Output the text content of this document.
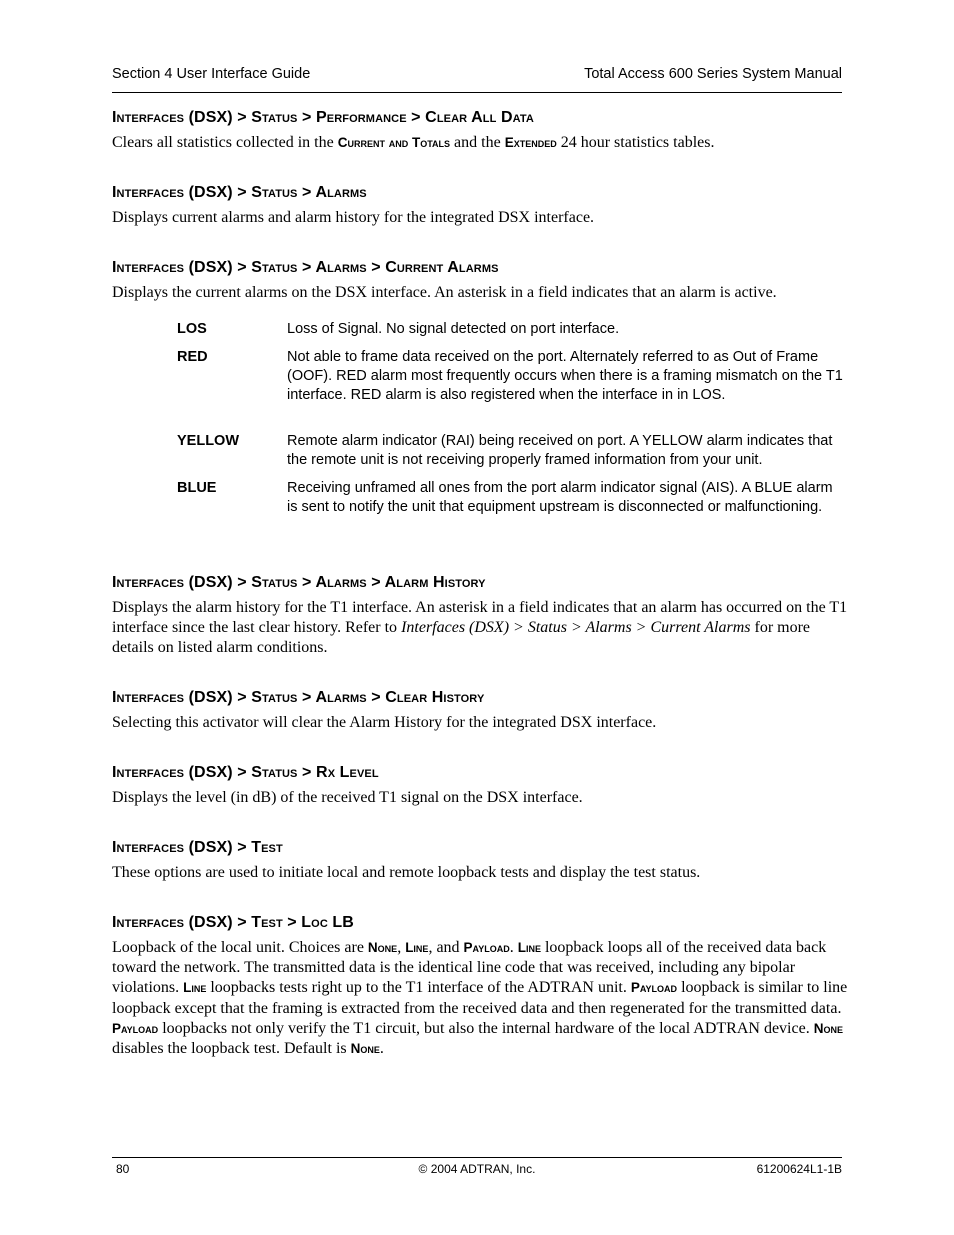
Section 4 User Interface Guide	Total Access 600 Series System Manual
Interfaces (DSX) > Status > Performance > Clear All Data

Clears all statistics collected in the Current and Totals and the Extended 24 hour statistics tables.

Interfaces (DSX) > Status > Alarms

Displays current alarms and alarm history for the integrated DSX interface.

Interfaces (DSX) > Status > Alarms > Current Alarms

Displays the current alarms on the DSX interface. An asterisk in a field indicates that an alarm is active.

LOS	Loss of Signal. No signal detected on port interface.
RED	Not able to frame data received on the port. Alternately referred to as Out of Frame (OOF). RED alarm most frequently occurs when there is a framing mismatch on the T1 interface. RED alarm is also registered when the interface in in LOS.
YELLOW	Remote alarm indicator (RAI) being received on port. A YELLOW alarm indicates that the remote unit is not receiving properly framed information from your unit.
BLUE	Receiving unframed all ones from the port alarm indicator signal (AIS). A BLUE alarm is sent to notify the unit that equipment upstream is disconnected or malfunctioning.
Interfaces (DSX) > Status > Alarms > Alarm History

Displays the alarm history for the T1 interface. An asterisk in a field indicates that an alarm has occurred on the T1 interface since the last clear history. Refer to Interfaces (DSX) > Status > Alarms > Current Alarms for more details on listed alarm conditions.

Interfaces (DSX) > Status > Alarms > Clear History

Selecting this activator will clear the Alarm History for the integrated DSX interface.

Interfaces (DSX) > Status > Rx Level

Displays the level (in dB) of the received T1 signal on the DSX interface.

Interfaces (DSX) > Test

These options are used to initiate local and remote loopback tests and display the test status.

Interfaces (DSX) > Test > Loc LB

Loopback of the local unit. Choices are None, Line, and Payload. Line loopback loops all of the received data back toward the network. The transmitted data is the identical line code that was received, including any bipolar violations. Line loopbacks tests right up to the T1 interface of the ADTRAN unit. Payload loopback is similar to line loopback except that the framing is extracted from the received data and then regenerated for the transmitted data. Payload loopbacks not only verify the T1 circuit, but also the internal hardware of the local ADTRAN device. None disables the loopback test. Default is None.

80	© 2004 ADTRAN, Inc.	61200624L1-1B
